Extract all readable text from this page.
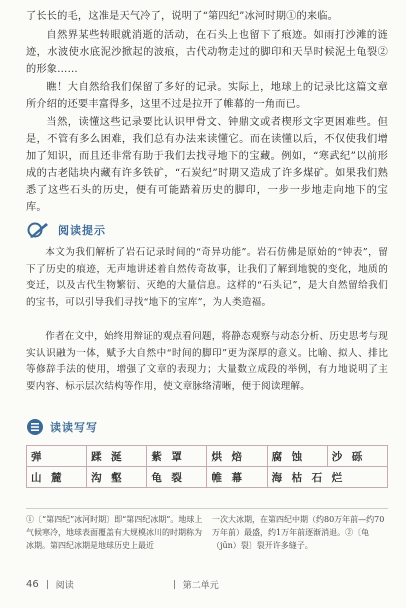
了长长的毛，这准是天气冷了，说明了“第四纪”冰河时期①的来临。

自然界某些转眼就消逝的活动，在石头上也留下了痕迹。如雨打沙滩的涟迹，水波使水底泥沙掀起的波痕，古代动物走过的脚印和天旱时候泥土龟裂②的形象……

瞧！大自然给我们保留了多好的记录。实际上，地球上的记录比这篇文章所介绍的还要丰富得多，这里不过是拉开了帷幕的一角而已。

当然，读懂这些记录要比认识甲骨文、钟鼎文或者楔形文字更困难些。但是，不管有多么困难，我们总有办法来读懂它。而在读懂以后，不仅使我们增加了知识，而且还非常有助于我们去找寻地下的宝藏。例如，“寒武纪”以前形成的古老陆块内藏有许多铁矿，“石炭纪”时期又造成了许多煤矿。如果我们熟悉了这些石头的历史，便有可能踏着历史的脚印，一步一步地走向地下的宝库。

阅读提示

本文为我们解析了岩石记录时间的“奇异功能”。岩石仿佛是原始的“钟表”，留下了历史的痕迹，无声地讲述着自然传奇故事，让我们了解到地貌的变化，地质的变迁，以及古代生物繁衍、灭绝的大量信息。这样的“石头记”，是大自然留给我们的宝书，可以引导我们寻找“地下的宝库”，为人类造福。

作者在文中，始终用辩证的观点看问题，将静态观察与动态分析、历史思考与现实认识融为一体，赋予大自然中“时间的脚印”更为深厚的意义。比喻、拟人、排比等修辞手法的使用，增强了文章的表现力；大量数立成段的举例，有力地说明了主要内容、标示层次结构等作用，使文章脉络清晰，便于阅读理解。

读读写写
弹	蹂 涎	紫 罩	烘 焙	腐 蚀	沙 砾

山 麓	沟 壑	龟 裂	帷 幕	海 枯 石 烂	

①〔“第四纪”冰河时期〕即“第四纪冰期”。地球上气候寒冷，地球表面覆盖有大规模冰川的时期称为冰期。第四纪冰期是地球历史上最近

一次大冰期，在第四纪中期（约80万年前—约70万年前）最盛，约1万年前逐渐消退。②〔龟（jūn）裂〕裂开许多缝子。

46 阅读	第二单元
